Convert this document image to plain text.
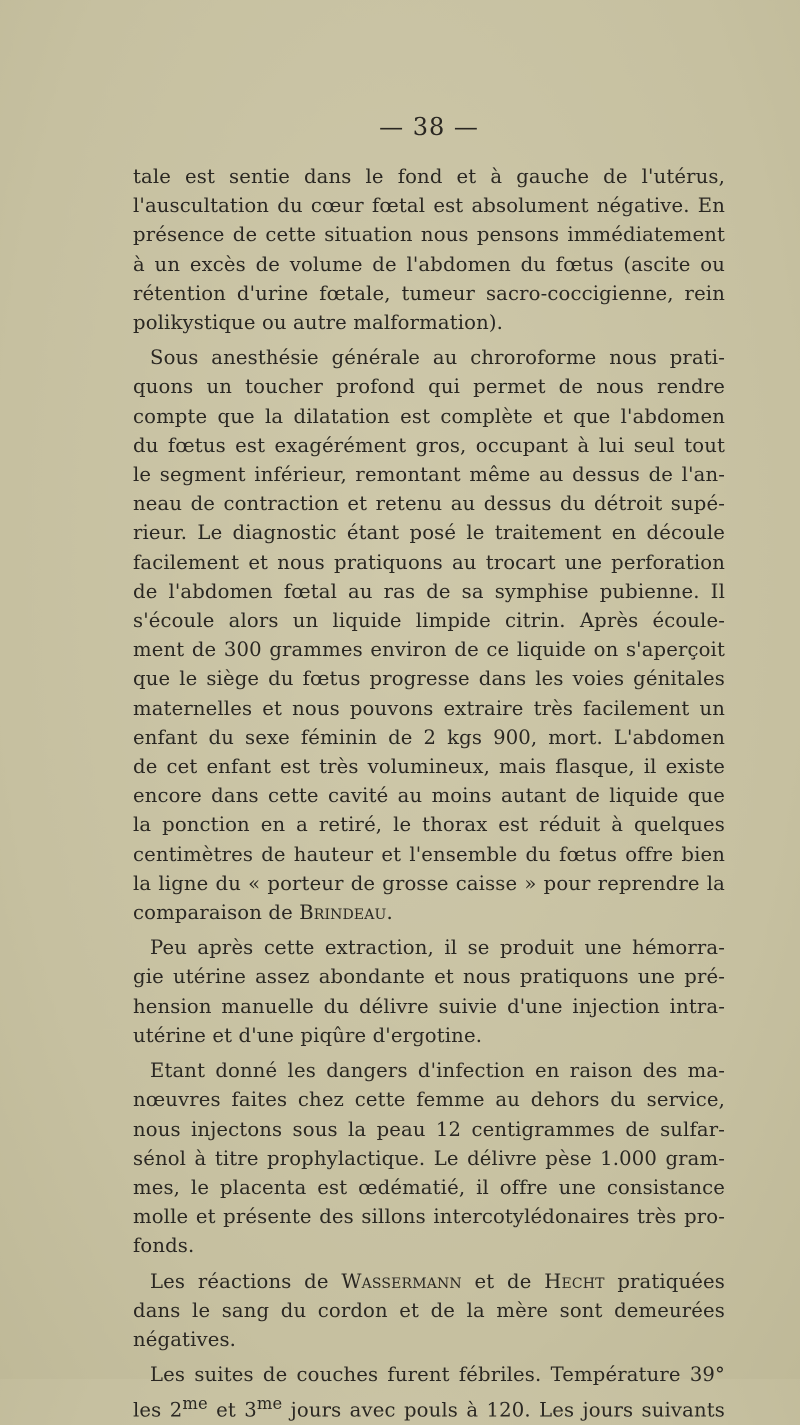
— 38 —
tale est sentie dans le fond et à gauche de l'utérus,
l'auscultation du cœur fœtal est absolument négative. En
présence de cette situation nous pensons immédiatement
à un excès de volume de l'abdomen du fœtus (ascite ou
rétention d'urine fœtale, tumeur sacro-coccigienne, rein
polikystique ou autre malformation).
Sous anesthésie générale au chroroforme nous prati-
quons un toucher profond qui permet de nous rendre
compte que la dilatation est complète et que l'abdomen
du fœtus est exagérément gros, occupant à lui seul tout
le segment inférieur, remontant même au dessus de l'an-
neau de contraction et retenu au dessus du détroit supé-
rieur. Le diagnostic étant posé le traitement en découle
facilement et nous pratiquons au trocart une perforation
de l'abdomen fœtal au ras de sa symphise pubienne. Il
s'écoule alors un liquide limpide citrin. Après écoule-
ment de 300 grammes environ de ce liquide on s'aperçoit
que le siège du fœtus progresse dans les voies génitales
maternelles et nous pouvons extraire très facilement un
enfant du sexe féminin de 2 kgs 900, mort. L'abdomen
de cet enfant est très volumineux, mais flasque, il existe
encore dans cette cavité au moins autant de liquide que
la ponction en a retiré, le thorax est réduit à quelques
centimètres de hauteur et l'ensemble du fœtus offre bien
la ligne du « porteur de grosse caisse » pour reprendre la
comparaison de Brindeau.
Peu après cette extraction, il se produit une hémorra-
gie utérine assez abondante et nous pratiquons une pré-
hension manuelle du délivre suivie d'une injection intra-
utérine et d'une piqûre d'ergotine.
Etant donné les dangers d'infection en raison des ma-
nœuvres faites chez cette femme au dehors du service,
nous injectons sous la peau 12 centigrammes de sulfar-
sénol à titre prophylactique. Le délivre pèse 1.000 gram-
mes, le placenta est œdématié, il offre une consistance
molle et présente des sillons intercotylédonaires très pro-
fonds.
Les réactions de Wassermann et de Hecht pratiquées
dans le sang du cordon et de la mère sont demeurées
négatives.
Les suites de couches furent fébriles. Température 39°
les $2^{me}$ et $3^{me}$ jours avec pouls à 120. Les jours suivants
